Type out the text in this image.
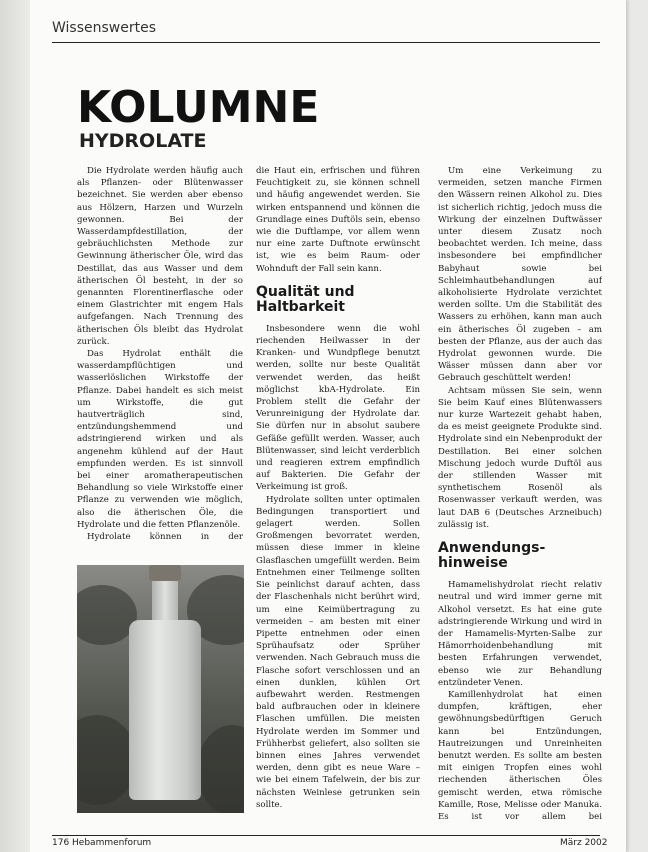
Wissenswertes
KOLUMNE
HYDROLATE

Die Hydrolate werden häufig auch als Pflanzen- oder Blütenwasser bezeichnet. Sie werden aber ebenso aus Hölzern, Harzen und Wurzeln gewonnen. Bei der Wasserdampfdestillation, der gebräuchlichsten Methode zur Gewinnung ätherischer Öle, wird das Destillat, das aus Wasser und dem ätherischen Öl besteht, in der so genannten Florentinerflasche oder einem Glastrichter mit engem Hals aufgefangen. Nach Trennung des ätherischen Öls bleibt das Hydrolat zurück.

Das Hydrolat enthält die wasserdampflüchtigen und wasserlöslichen Wirkstoffe der Pflanze. Dabei handelt es sich meist um Wirkstoffe, die gut hautverträglich sind, entzündungshemmend und adstringierend wirken und als angenehm kühlend auf der Haut empfunden werden. Es ist sinnvoll bei einer aromatherapeutischen Behandlung so viele Wirkstoffe einer Pflanze zu verwenden wie möglich, also die ätherischen Öle, die Hydrolate und die fetten Pflanzenöle.

Hydrolate können in der

die Haut ein, erfrischen und führen Feuchtigkeit zu, sie können schnell und häufig angewendet werden. Sie wirken entspannend und können die Grundlage eines Duftöls sein, ebenso wie die Duftlampe, vor allem wenn nur eine zarte Duftnote erwünscht ist, wie es beim Raum- oder Wohnduft der Fall sein kann.

Qualität und Haltbarkeit

Insbesondere wenn die wohl riechenden Heilwasser in der Kranken- und Wundpflege benutzt werden, sollte nur beste Qualität verwendet werden, das heißt möglichst kbA-Hydrolate. Ein Problem stellt die Gefahr der Verunreinigung der Hydrolate dar. Sie dürfen nur in absolut saubere Gefäße gefüllt werden. Wasser, auch Blütenwasser, sind leicht verderblich und reagieren extrem empfindlich auf Bakterien. Die Gefahr der Verkeimung ist groß.

Hydrolate sollten unter optimalen Bedingungen transportiert und gelagert werden. Sollen Großmengen bevorratet werden, müssen diese immer in kleine Glasflaschen umgefüllt werden. Beim Entnehmen einer Teilmenge sollten Sie peinlichst darauf achten, dass der Flaschenhals nicht berührt wird, um eine Keimübertragung zu vermeiden – am besten mit einer Pipette entnehmen oder einen Sprühaufsatz oder Sprüher verwenden. Nach Gebrauch muss die Flasche sofort verschlossen und an einen dunklen, kühlen Ort aufbewahrt werden. Restmengen bald aufbrauchen oder in kleinere Flaschen umfüllen. Die meisten Hydrolate werden im Sommer und Frühherbst geliefert, also sollten sie binnen eines Jahres verwendet werden, denn gibt es neue Ware – wie bei einem Tafelwein, der bis zur nächsten Weinlese getrunken sein sollte.

Um eine Verkeimung zu vermeiden, setzen manche Firmen den Wässern reinen Alkohol zu. Dies ist sicherlich richtig, jedoch muss die Wirkung der einzelnen Duftwässer unter diesem Zusatz noch beobachtet werden. Ich meine, dass insbesondere bei empfindlicher Babyhaut sowie bei Schleimhautbehandlungen auf alkoholisierte Hydrolate verzichtet werden sollte. Um die Stabilität des Wassers zu erhöhen, kann man auch ein ätherisches Öl zugeben – am besten der Pflanze, aus der auch das Hydrolat gewonnen wurde. Die Wässer müssen dann aber vor Gebrauch geschüttelt werden!

Achtsam müssen Sie sein, wenn Sie beim Kauf eines Blütenwassers nur kurze Wartezeit gehabt haben, da es meist geeignete Produkte sind. Hydrolate sind ein Nebenprodukt der Destillation. Bei einer solchen Mischung jedoch wurde Duftöl aus der stillenden Wasser mit synthetischem Rosenöl als Rosenwasser verkauft werden, was laut DAB 6 (Deutsches Arzneibuch) zulässig ist.

Anwendungs-hinweise

Hamamelishydrolat riecht relativ neutral und wird immer gerne mit Alkohol versetzt. Es hat eine gute adstringierende Wirkung und wird in der Hamamelis-Myrten-Salbe zur Hämorrhoidenbehandlung mit besten Erfahrungen verwendet, ebenso wie zur Behandlung entzündeter Venen.

Kamillenhydrolat hat einen dumpfen, kräftigen, eher gewöhnungsbedürftigen Geruch kann bei Entzündungen, Hautreizungen und Unreinheiten benutzt werden. Es sollte am besten mit einigen Tropfen eines wohl riechenden ätherischen Öles gemischt werden, etwa römische Kamille, Rose, Melisse oder Manuka. Es ist vor allem bei

176 Hebammenforum	März 2002
